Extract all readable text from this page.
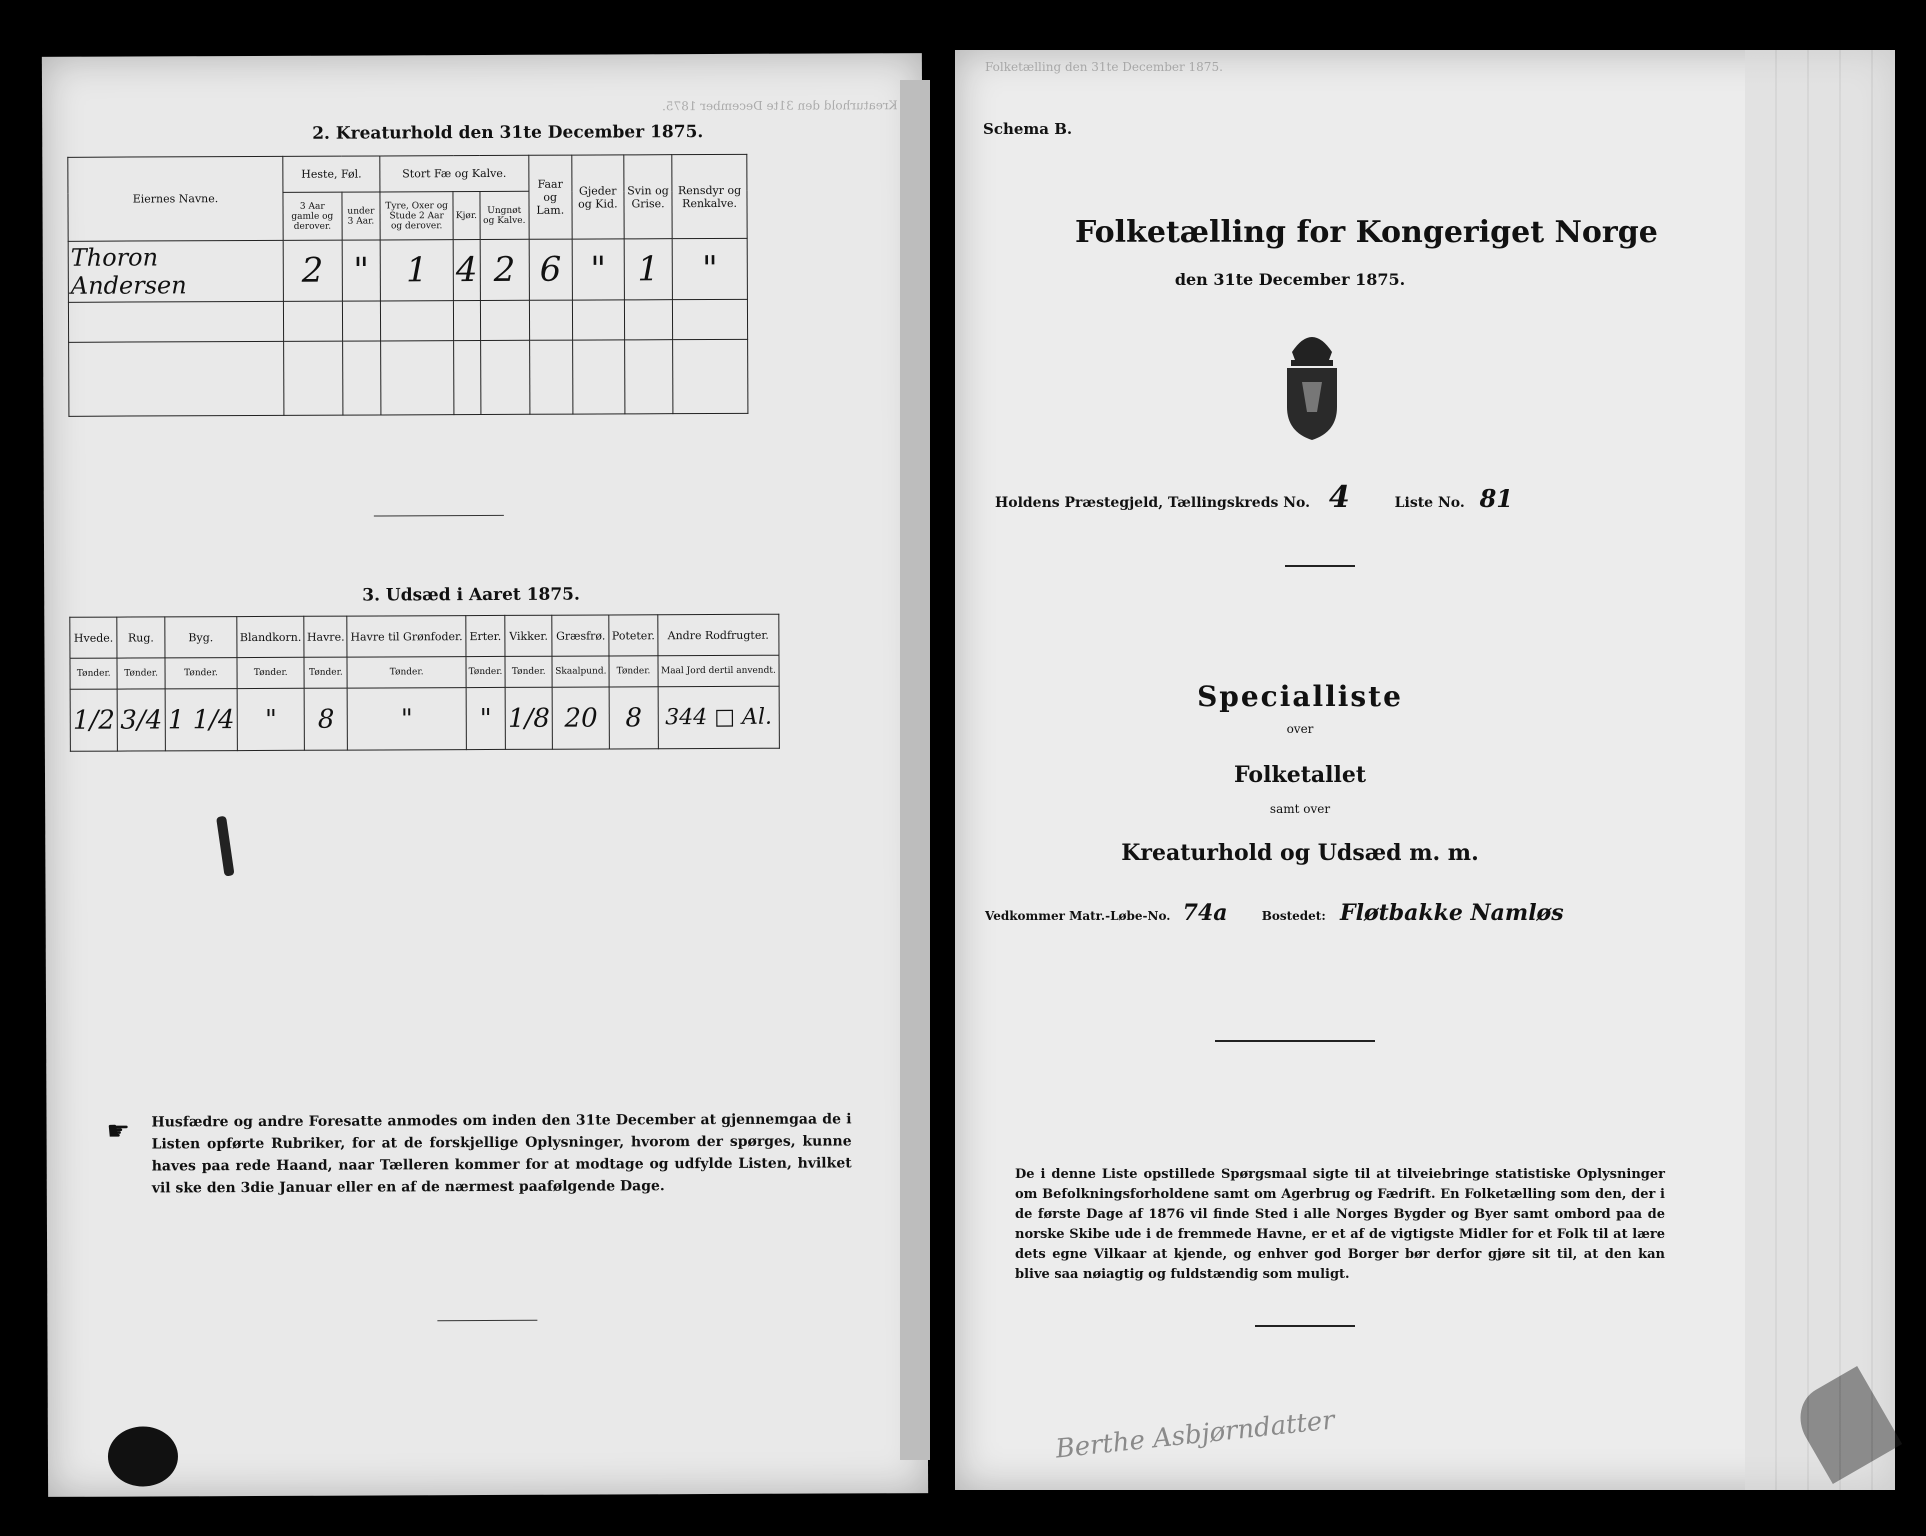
Kreaturhold den 31te December 1875.
2. Kreaturhold den 31te December 1875.
Eiernes Navne.	Heste, Føl.		Stort Fæ og Kalve.			Faar og Lam.	Gjeder og Kid.	Svin og Grise.	Rensdyr og Renkalve.
	3 Aar gamle og derover.	under 3 Aar.	Tyre, Oxer og Stude 2 Aar og derover.	Kjør.	Ungnøt og Kalve.				
Thoron Andersen	2	"	1	4	2	6	"	1	"

3. Udsæd i Aaret 1875.
Hvede.	Rug.	Byg.	Blandkorn.	Havre.	Havre til Grønfoder.	Erter.	Vikker.	Græsfrø.	Poteter.	Andre Rodfrugter.
Tønder.	Tønder.	Tønder.	Tønder.	Tønder.	Tønder.	Tønder.	Tønder.	Skaalpund.	Tønder.	Maal Jord dertil anvendt.
1/2	3/4	1 1/4	"	8	"	"	1/8	20	8	344 □ Al.
☛ Husfædre og andre Foresatte anmodes om inden den 31te December at gjennemgaa de i Listen opførte Rubriker, for at de forskjellige Oplysninger, hvorom der spørges, kunne haves paa rede Haand, naar Tælleren kommer for at modtage og udfylde Listen, hvilket vil ske den 3die Januar eller en af de nærmest paafølgende Dage.
Folketælling den 31te December 1875.
Schema B.
Folketælling for Kongeriget Norge
den 31te December 1875.
Holdens Præstegjeld, Tællingskreds No. 4	Liste No. 81
Specialliste
over
Folketallet
samt over
Kreaturhold og Udsæd m. m.
Vedkommer Matr.-Løbe-No. 74a	Bostedet: Fløtbakke Namløs
De i denne Liste opstillede Spørgsmaal sigte til at tilveiebringe statistiske Oplysninger om Befolkningsforholdene samt om Agerbrug og Fædrift. En Folketælling som den, der i de første Dage af 1876 vil finde Sted i alle Norges Bygder og Byer samt ombord paa de norske Skibe ude i de fremmede Havne, er et af de vigtigste Midler for et Folk til at lære dets egne Vilkaar at kjende, og enhver god Borger bør derfor gjøre sit til, at den kan blive saa nøiagtig og fuldstændig som muligt.
Berthe Asbjørndatter
